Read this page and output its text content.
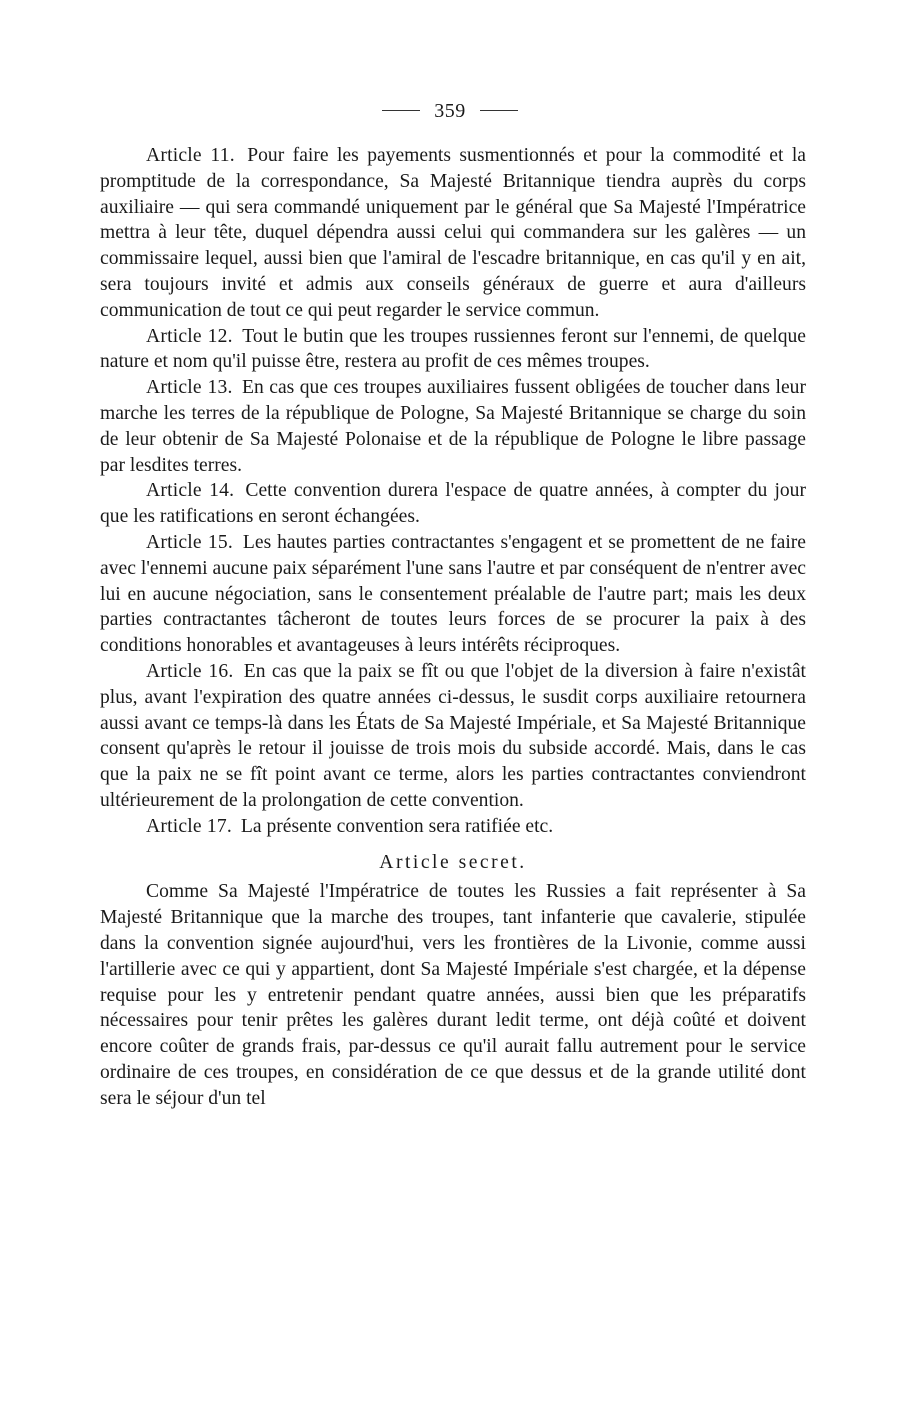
359

Article 11. Pour faire les payements susmentionnés et pour la commodité et la promptitude de la correspondance, Sa Majesté Britannique tiendra auprès du corps auxiliaire — qui sera commandé uniquement par le général que Sa Majesté l'Impératrice mettra à leur tête, duquel dépendra aussi celui qui commandera sur les galères — un commissaire lequel, aussi bien que l'amiral de l'escadre britannique, en cas qu'il y en ait, sera toujours invité et admis aux conseils généraux de guerre et aura d'ailleurs communication de tout ce qui peut regarder le service commun.

Article 12. Tout le butin que les troupes russiennes feront sur l'ennemi, de quelque nature et nom qu'il puisse être, restera au profit de ces mêmes troupes.

Article 13. En cas que ces troupes auxiliaires fussent obligées de toucher dans leur marche les terres de la république de Pologne, Sa Majesté Britannique se charge du soin de leur obtenir de Sa Majesté Polonaise et de la république de Pologne le libre passage par lesdites terres.

Article 14. Cette convention durera l'espace de quatre années, à compter du jour que les ratifications en seront échangées.

Article 15. Les hautes parties contractantes s'engagent et se promettent de ne faire avec l'ennemi aucune paix séparément l'une sans l'autre et par conséquent de n'entrer avec lui en aucune négociation, sans le consentement préalable de l'autre part; mais les deux parties contractantes tâcheront de toutes leurs forces de se procurer la paix à des conditions honorables et avantageuses à leurs intérêts réciproques.

Article 16. En cas que la paix se fît ou que l'objet de la diversion à faire n'existât plus, avant l'expiration des quatre années ci-dessus, le susdit corps auxiliaire retournera aussi avant ce temps-là dans les États de Sa Majesté Impériale, et Sa Majesté Britannique consent qu'après le retour il jouisse de trois mois du subside accordé. Mais, dans le cas que la paix ne se fît point avant ce terme, alors les parties contractantes conviendront ultérieurement de la prolongation de cette convention.

Article 17. La présente convention sera ratifiée etc.

Article secret.

Comme Sa Majesté l'Impératrice de toutes les Russies a fait représenter à Sa Majesté Britannique que la marche des troupes, tant infanterie que cavalerie, stipulée dans la convention signée aujourd'hui, vers les frontières de la Livonie, comme aussi l'artillerie avec ce qui y appartient, dont Sa Majesté Impériale s'est chargée, et la dépense requise pour les y entretenir pendant quatre années, aussi bien que les préparatifs nécessaires pour tenir prêtes les galères durant ledit terme, ont déjà coûté et doivent encore coûter de grands frais, par-dessus ce qu'il aurait fallu autrement pour le service ordinaire de ces troupes, en considération de ce que dessus et de la grande utilité dont sera le séjour d'un tel
